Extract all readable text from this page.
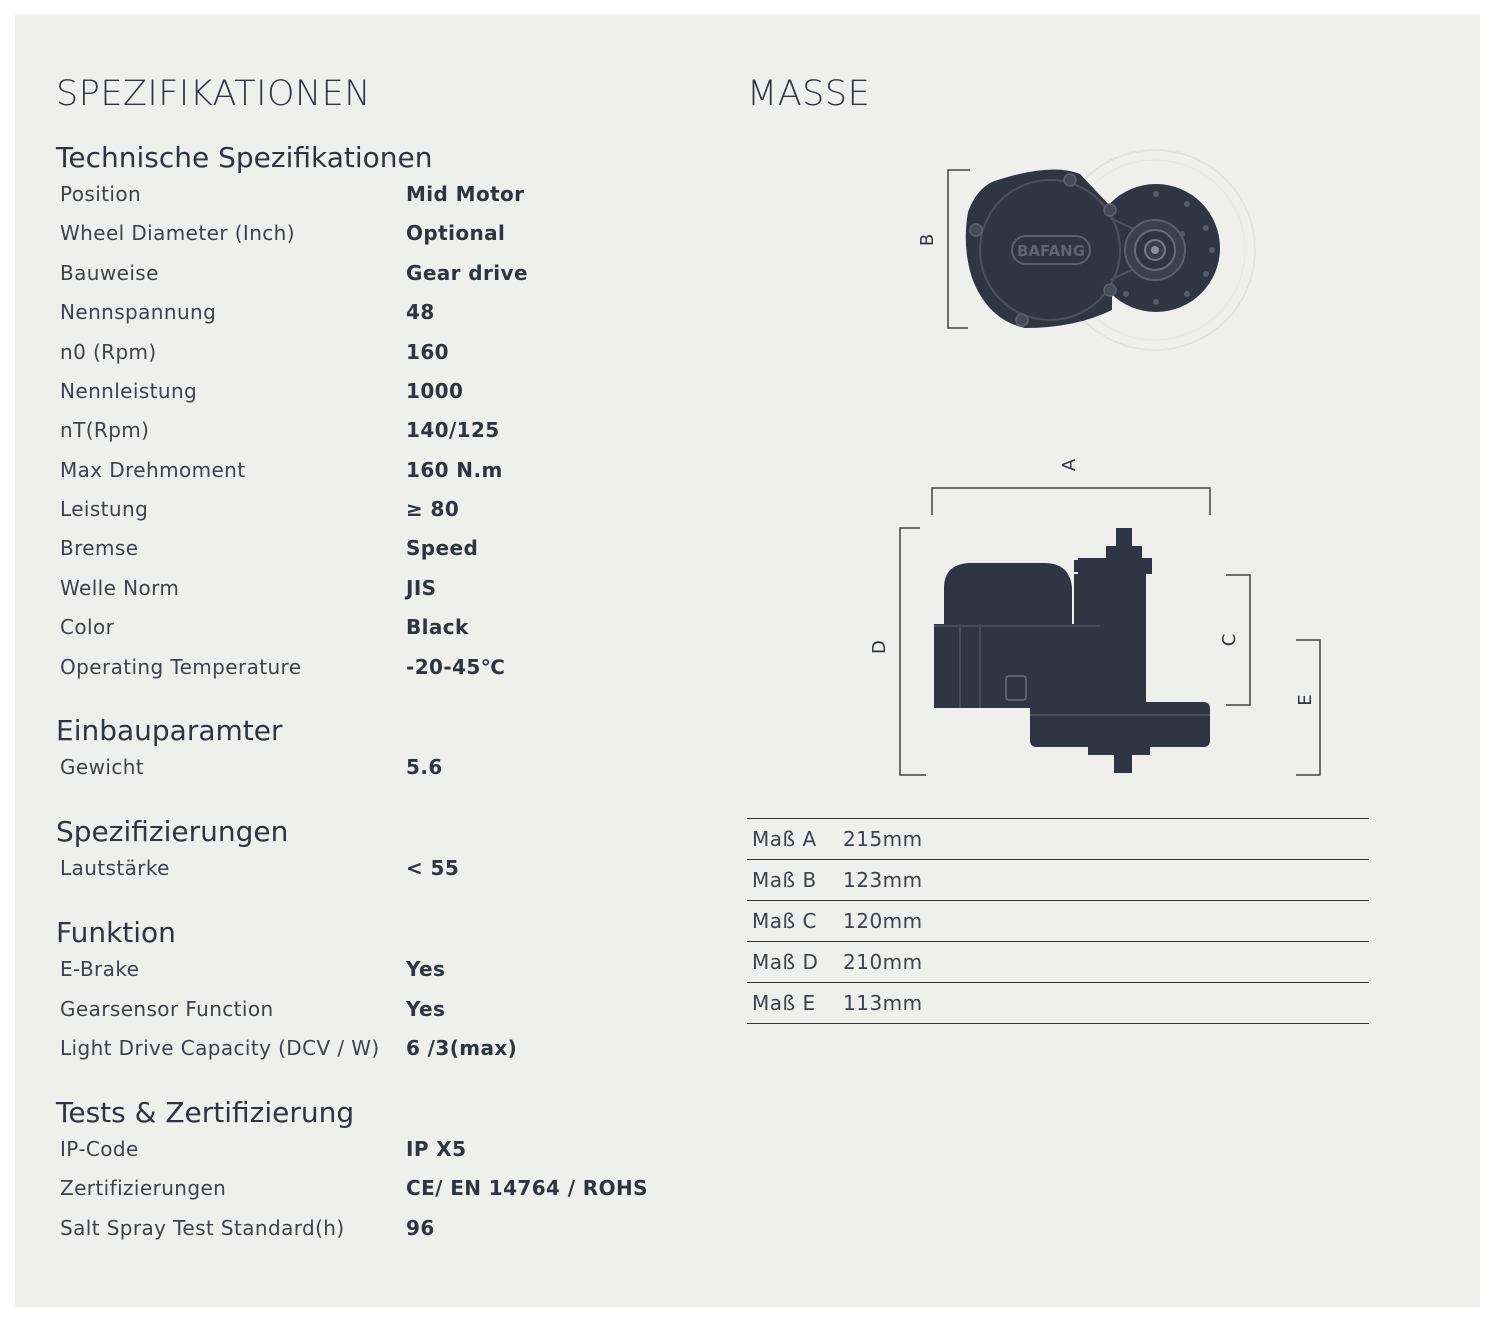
SPEZIFIKATIONEN
Technische Spezifikationen
Position	Mid Motor
Wheel Diameter (Inch)	Optional
Bauweise	Gear drive
Nennspannung	48
n0 (Rpm)	160
Nennleistung	1000
nT(Rpm)	140/125
Max Drehmoment	160 N.m
Leistung	≥ 80
Bremse	Speed
Welle Norm	JIS
Color	Black
Operating Temperature	-20-45℃
Einbauparamter
Gewicht	5.6
Spezifizierungen
Lautstärke	< 55
Funktion
E-Brake	Yes
Gearsensor Function	Yes
Light Drive Capacity (DCV / W) 6 /3(max)
Tests & Zertifizierung
IP-Code	IP X5
Zertifizierungen	CE/ EN 14764 / ROHS
Salt Spray Test Standard(h)	96
MASSE
B
BAFANG
A
D
C
E
Maß A 215mm
Maß B 123mm
Maß C 120mm
Maß D 210mm
Maß E 113mm
